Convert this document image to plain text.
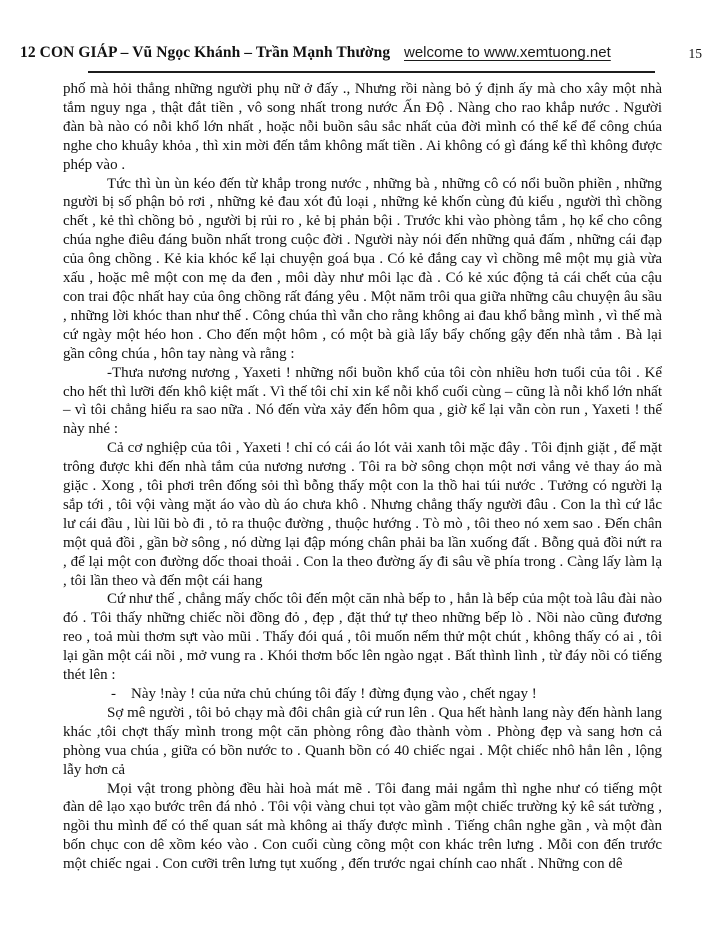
12 CON GIÁP – Vũ Ngọc Khánh – Trần Mạnh Thường welcome to www.xemtuong.net	15

phố mà hỏi thẳng những người phụ nữ ở đấy ., Nhưng rồi nàng bỏ ý định ấy mà cho xây một nhà tắm nguy nga , thật đắt tiền , vô song nhất trong nước Ấn Độ . Nàng cho rao khắp nước . Người đàn bà nào có nỗi khổ lớn nhất , hoặc nỗi buồn sâu sắc nhất của đời mình có thể kể để công chúa nghe cho khuây khỏa , thì xin mời đến tắm không mất tiền . Ai không có gì đáng kể thì không được phép vào .

Tức thì ùn ùn kéo đến từ khắp trong nước , những bà , những cô có nổi buồn phiền , những người bị số phận bỏ rơi , những kẻ đau xót đủ loại , những kẻ khốn cùng đủ kiểu , người thì chồng chết , kẻ thì chồng bỏ , người bị rủi ro , kẻ bị phản bội . Trước khi vào phòng tắm , họ kể cho công chúa nghe điêu đáng buồn nhất trong cuộc đời . Người này nói đến những quả đấm , những cái đạp của ông chồng . Kẻ kia khóc kể lại chuyện goá bụa . Có kẻ đắng cay vì chồng mê một mụ già vừa xấu , hoặc mê một con mẹ da đen , môi dày như môi lạc đà . Có kẻ xúc động tả cái chết của cậu con trai độc nhất hay của ông chồng rất đáng yêu . Một năm trôi qua giữa những câu chuyện âu sầu , những lời khóc than như thế . Công chúa thì vẫn cho rằng không ai đau khổ bằng mình , vì thế mà cứ ngày một héo hon . Cho đến một hôm , có một bà già lẩy bẩy chống gậy đến nhà tắm . Bà lại gần công chúa , hôn tay nàng và rằng :

-Thưa nương nương , Yaxeti ! những nổi buồn khổ của tôi còn nhiều hơn tuổi của tôi . Kể cho hết thì lưỡi đến khô kiệt mất . Vì thế tôi chỉ xin kể nỗi khổ cuối cùng – cũng là nỗi khổ lớn nhất – vì tôi chẳng hiểu ra sao nữa . Nó đến vừa xảy đến hôm qua , giờ kể lại vẫn còn run , Yaxeti ! thế này nhé :

Cả cơ nghiệp của tôi , Yaxeti ! chỉ có cái áo lót vải xanh tôi mặc đây . Tôi định giặt , để mặt trông được khi đến nhà tắm của nương nương . Tôi ra bờ sông chọn một nơi vắng vẻ thay áo mà giặc . Xong , tôi phơi trên đống sỏi thì bỗng thấy một con la thồ hai túi nước . Tưởng có người lạ sắp tới , tôi vội vàng mặt áo vào dù áo chưa khô . Nhưng chẳng thấy người đâu . Con la thì cứ lắc lư cái đầu , lùi lũi bò đi , tỏ ra thuộc đường , thuộc hướng . Tò mò , tôi theo nó xem sao . Đến chân một quả đồi , gần bờ sông , nó dừng lại đập móng chân phải ba lần xuống đất . Bỗng quả đồi nứt ra , để lại một con đường dốc thoai thoải . Con la theo đường ấy đi sâu về phía trong . Càng lấy làm lạ , tôi lần theo và đến một cái hang

Cứ như thế , chẳng mấy chốc tôi đến một căn nhà bếp to , hẳn là bếp của một toà lâu đài nào đó . Tôi thấy những chiếc nồi đồng đỏ , đẹp , đặt thứ tự theo những bếp lò . Nồi nào cũng đương reo , toả mùi thơm sựt vào mũi . Thấy đói quá , tôi muốn nếm thử một chút , không thấy có ai , tôi lại gần một cái nồi , mở vung ra . Khói thơm bốc lên ngào ngạt . Bất thình lình , từ đáy nồi có tiếng thét lên :

-    Này !này ! của nửa chủ chúng tôi đấy ! đừng đụng vào , chết ngay !

Sợ mê người , tôi bỏ chạy mà đôi chân già cứ run lên . Qua hết hành lang này đến hành lang khác ,tôi chợt thấy mình trong một căn phòng rông đào thành vòm . Phòng đẹp và sang hơn cả phòng vua chúa , giữa có bồn nước to . Quanh bồn có 40 chiếc ngai . Một chiếc nhô hẳn lên , lộng lẫy hơn cả

Mọi vật trong phòng đều hài hoà mát mẽ . Tôi đang mải ngắm thì nghe như có tiếng một đàn dê lạo xạo bước trên đá nhỏ . Tôi vội vàng chui tọt vào gầm một chiếc trường kỷ kê sát tường , ngồi thu mình để có thể quan sát mà không ai thấy được mình . Tiếng chân nghe gần , và một đàn bốn chục con dê xồm kéo vào . Con cuối cùng cõng một con khác trên lưng . Mỗi con đến trước một chiếc ngai . Con cưỡi trên lưng tụt xuống , đến trước ngai chính cao nhất . Những con dê
